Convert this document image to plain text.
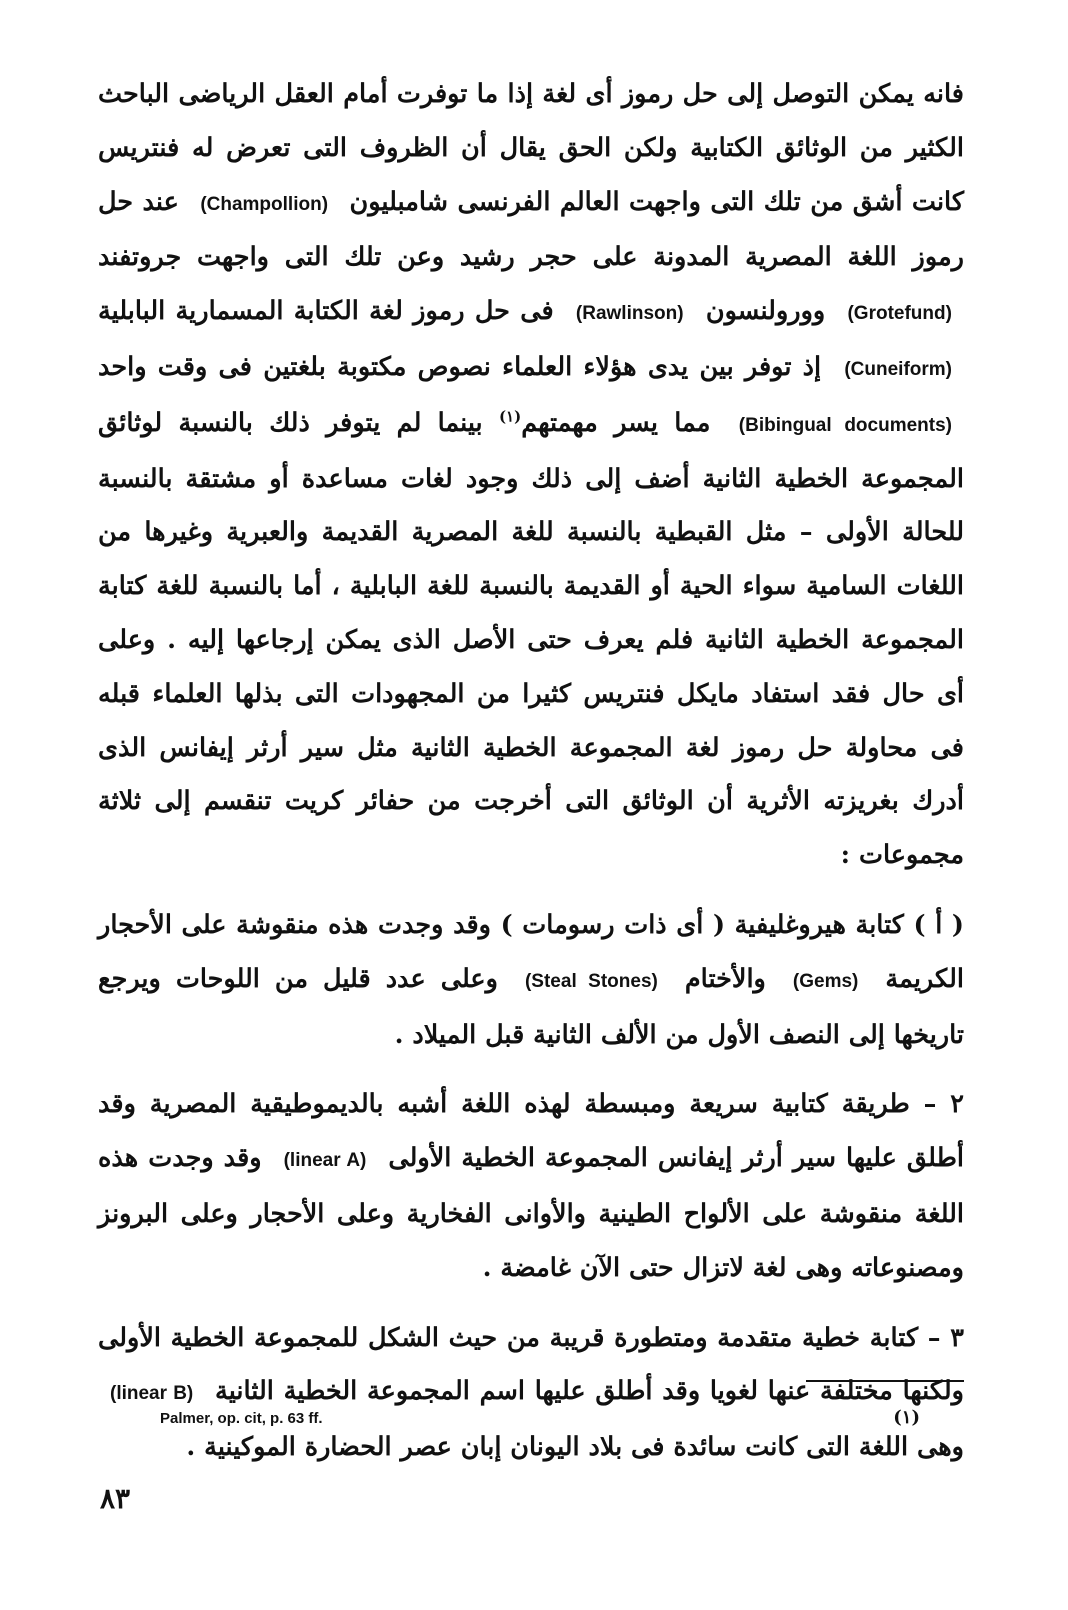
فانه يمكن التوصل إلى حل رموز أى لغة إذا ما توفرت أمام العقل الرياضى الباحث الكثير من الوثائق الكتابية ولكن الحق يقال أن الظروف التى تعرض له فنتريس كانت أشق من تلك التى واجهت العالم الفرنسى شامبليون (Champollion) عند حل رموز اللغة المصرية المدونة على حجر رشيد وعن تلك التى واجهت جروتفند (Grotefund) وورولنسون (Rawlinson) فى حل رموز لغة الكتابة المسمارية البابلية (Cuneiform) إذ توفر بين يدى هؤلاء العلماء نصوص مكتوبة بلغتين فى وقت واحد (Bibingual documents) مما يسر مهمتهم$^{(١)}$ بينما لم يتوفر ذلك بالنسبة لوثائق المجموعة الخطية الثانية أضف إلى ذلك وجود لغات مساعدة أو مشتقة بالنسبة للحالة الأولى – مثل القبطية بالنسبة للغة المصرية القديمة والعبرية وغيرها من اللغات السامية سواء الحية أو القديمة بالنسبة للغة البابلية ، أما بالنسبة للغة كتابة المجموعة الخطية الثانية فلم يعرف حتى الأصل الذى يمكن إرجاعها إليه . وعلى أى حال فقد استفاد مايكل فنتريس كثيرا من المجهودات التى بذلها العلماء قبله فى محاولة حل رموز لغة المجموعة الخطية الثانية مثل سير أرثر إيفانس الذى أدرك بغريزته الأثرية أن الوثائق التى أخرجت من حفائر كريت تنقسم إلى ثلاثة مجموعات :

( أ ) كتابة هيروغليفية ( أى ذات رسومات ) وقد وجدت هذه منقوشة على الأحجار الكريمة (Gems) والأختام (Steal Stones) وعلى عدد قليل من اللوحات ويرجع تاريخها إلى النصف الأول من الألف الثانية قبل الميلاد .

٢ – طريقة كتابية سريعة ومبسطة لهذه اللغة أشبه بالديموطيقية المصرية وقد أطلق عليها سير أرثر إيفانس المجموعة الخطية الأولى (linear A) وقد وجدت هذه اللغة منقوشة على الألواح الطينية والأوانى الفخارية وعلى الأحجار وعلى البرونز ومصنوعاته وهى لغة لاتزال حتى الآن غامضة .

٣ – كتابة خطية متقدمة ومتطورة قريبة من حيث الشكل للمجموعة الخطية الأولى ولكنها مختلفة عنها لغويا وقد أطلق عليها اسم المجموعة الخطية الثانية (linear B) وهى اللغة التى كانت سائدة فى بلاد اليونان إبان عصر الحضارة الموكينية .

Palmer, op. cit, p. 63 ff.	(١)
٨٣
